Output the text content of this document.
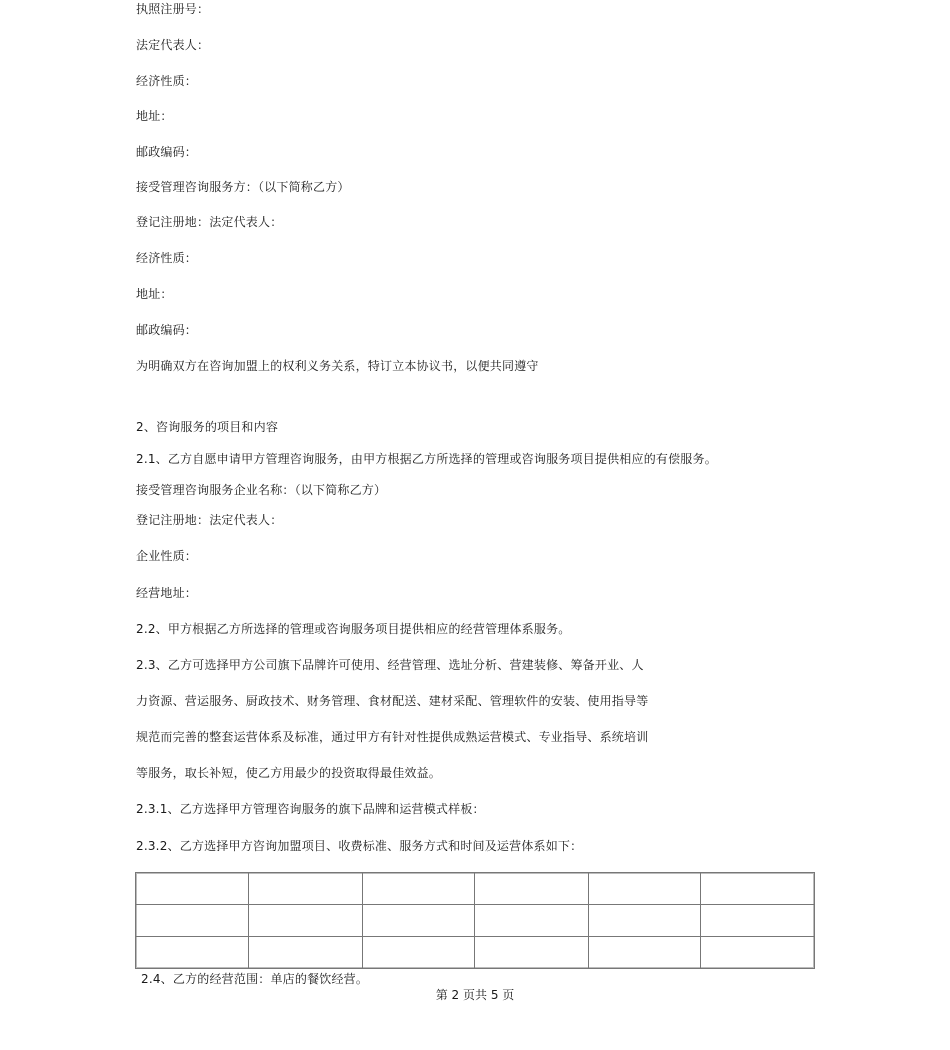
执照注册号：
法定代表人：
经济性质：
地址：
邮政编码：
接受管理咨询服务方：（以下简称乙方）
登记注册地：法定代表人：
经济性质：
地址：
邮政编码：
为明确双方在咨询加盟上的权利义务关系，特订立本协议书，以便共同遵守
2、咨询服务的项目和内容
2.1、乙方自愿申请甲方管理咨询服务，由甲方根据乙方所选择的管理或咨询服务项目提供相应的有偿服务。
接受管理咨询服务企业名称：（以下简称乙方）
登记注册地：法定代表人：
企业性质：
经营地址：
2.2、甲方根据乙方所选择的管理或咨询服务项目提供相应的经营管理体系服务。
2.3、乙方可选择甲方公司旗下品牌许可使用、经营管理、选址分析、营建装修、筹备开业、人
力资源、营运服务、厨政技术、财务管理、食材配送、建材采配、管理软件的安装、使用指导等
规范而完善的整套运营体系及标准，通过甲方有针对性提供成熟运营模式、专业指导、系统培训
等服务，取长补短，使乙方用最少的投资取得最佳效益。
2.3.1、乙方选择甲方管理咨询服务的旗下品牌和运营模式样板：
2.3.2、乙方选择甲方咨询加盟项目、收费标准、服务方式和时间及运营体系如下：

2.4、乙方的经营范围：单店的餐饮经营。
第 2 页共 5 页
